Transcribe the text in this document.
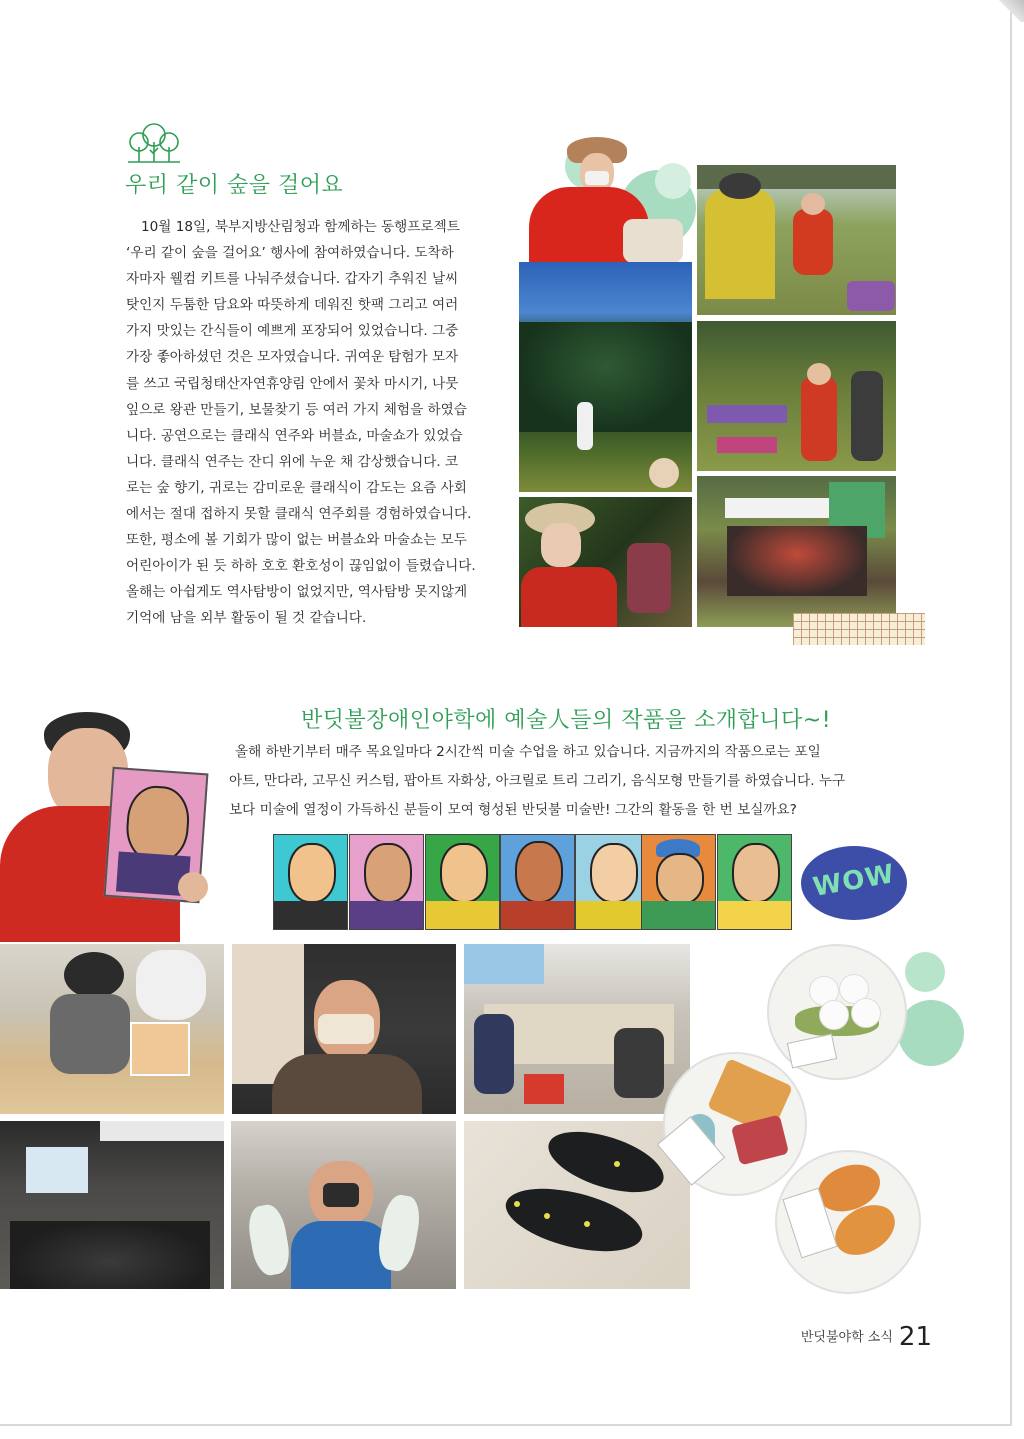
우리 같이 숲을 걸어요

10월 18일, 북부지방산림청과 함께하는 동행프로젝트

‘우리 같이 숲을 걸어요’ 행사에 참여하였습니다. 도착하

자마자 웰컴 키트를 나눠주셨습니다. 갑자기 추워진 날씨

탓인지 두툼한 담요와 따뜻하게 데워진 핫팩 그리고 여러

가지 맛있는 간식들이 예쁘게 포장되어 있었습니다. 그중

가장 좋아하셨던 것은 모자였습니다. 귀여운 탐험가 모자

를 쓰고 국립청태산자연휴양림 안에서 꽃차 마시기, 나뭇

잎으로 왕관 만들기, 보물찾기 등 여러 가지 체험을 하였습

니다. 공연으로는 클래식 연주와 버블쇼, 마술쇼가 있었습

니다. 클래식 연주는 잔디 위에 누운 채 감상했습니다. 코

로는 숲 향기, 귀로는 감미로운 클래식이 감도는 요즘 사회

에서는 절대 접하지 못할 클래식 연주회를 경험하였습니다.

또한, 평소에 볼 기회가 많이 없는 버블쇼와 마술쇼는 모두

어린아이가 된 듯 하하 호호 환호성이 끊임없이 들렸습니다.

올해는 아쉽게도 역사탐방이 없었지만, 역사탐방 못지않게

기억에 남을 외부 활동이 될 것 같습니다.

반딧불장애인야학에 예술人들의 작품을 소개합니다~!

올해 하반기부터 매주 목요일마다 2시간씩 미술 수업을 하고 있습니다. 지금까지의 작품으로는 포일

아트, 만다라, 고무신 커스텀, 팝아트 자화상, 아크릴로 트리 그리기, 음식모형 만들기를 하였습니다. 누구

보다 미술에 열정이 가득하신 분들이 모여 형성된 반딧불 미술반! 그간의 활동을 한 번 보실까요?

WOW
반딧불야학 소식 21
